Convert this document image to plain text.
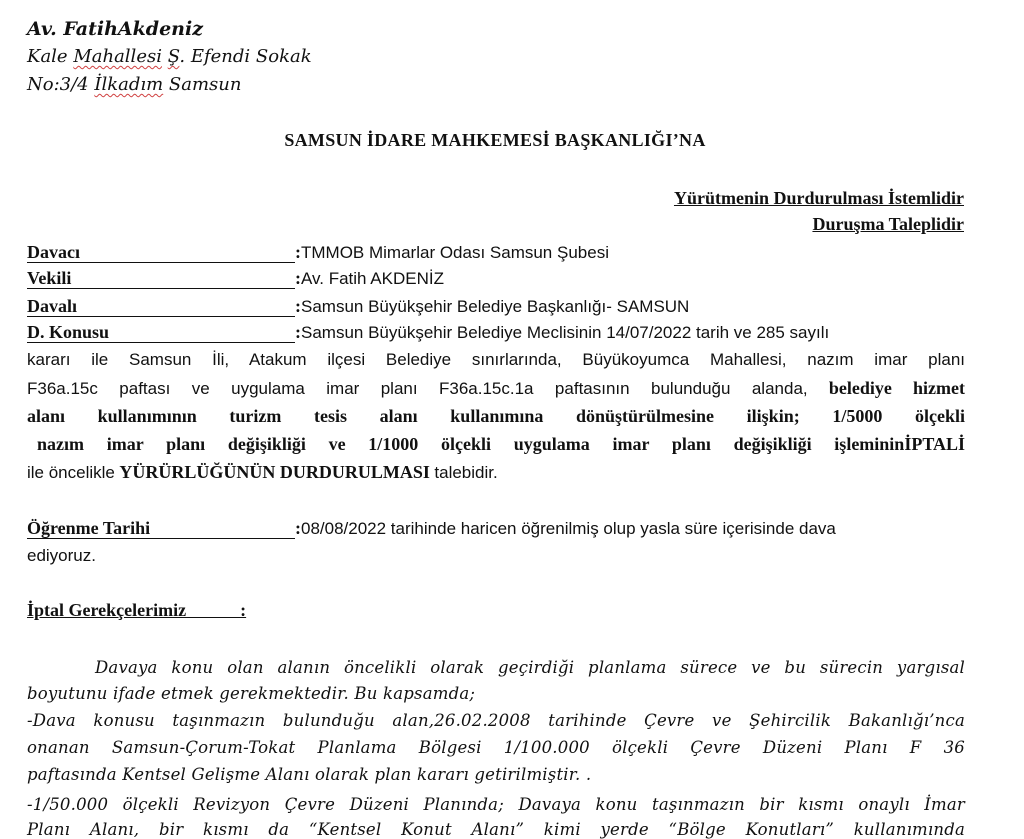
Av. FatihAkdeniz
Kale Mahallesi Ş. Efendi Sokak
No:3/4 İlkadım Samsun
SAMSUN İDARE MAHKEMESİ BAŞKANLIĞI’NA
Yürütmenin Durdurulması İstemlidir
Duruşma Taleplidir
Davacı	:TMMOB Mimarlar Odası Samsun Şubesi
Vekili	:Av. Fatih AKDENİZ
Davalı	:Samsun Büyükşehir Belediye Başkanlığı- SAMSUN
D. Konusu	:Samsun Büyükşehir Belediye Meclisinin 14/07/2022 tarih ve 285 sayılı
kararı ile Samsun İli, Atakum ilçesi Belediye sınırlarında, Büyükoyumca Mahallesi, nazım imar planı
F36a.15c paftası ve uygulama imar planı F36a.15c.1a paftasının bulunduğu alanda, belediye hizmet
alanı kullanımının turizm tesis alanı kullanımına dönüştürülmesine ilişkin; 1/5000 ölçekli
nazım imar planı değişikliği ve 1/1000 ölçekli uygulama imar planı değişikliği işlemininİPTALİ
ile öncelikle YÜRÜRLÜĞÜNÜN DURDURULMASI talebidir.
Öğrenme Tarihi	:08/08/2022 tarihinde haricen öğrenilmiş olup yasla süre içerisinde dava
ediyoruz.
İptal Gerekçelerimiz            :
Davaya konu olan alanın öncelikli olarak geçirdiği planlama sürece ve bu sürecin yargısal
boyutunu ifade etmek gerekmektedir. Bu kapsamda;
-Dava konusu taşınmazın bulunduğu alan,26.02.2008 tarihinde Çevre ve Şehircilik Bakanlığı’nca
onanan Samsun-Çorum-Tokat Planlama Bölgesi 1/100.000 ölçekli Çevre Düzeni Planı F 36
paftasında Kentsel Gelişme Alanı olarak plan kararı getirilmiştir. .
-1/50.000 ölçekli Revizyon Çevre Düzeni Planında; Davaya konu taşınmazın bir kısmı onaylı İmar
Planı Alanı, bir kısmı da “Kentsel Konut Alanı” kimi yerde “Bölge Konutları” kullanımında
